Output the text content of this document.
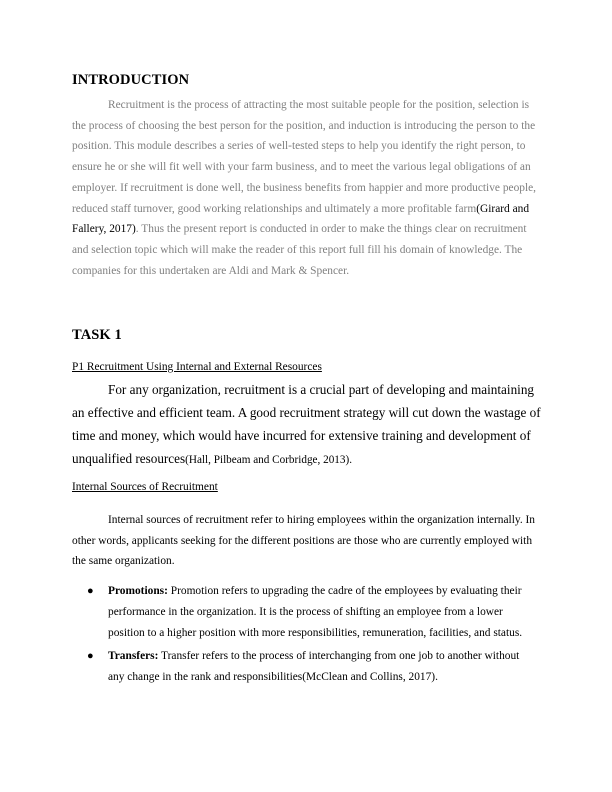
INTRODUCTION

Recruitment is the process of attracting the most suitable people for the position, selection is the process of choosing the best person for the position, and induction is introducing the person to the position. This module describes a series of well-tested steps to help you identify the right person, to ensure he or she will fit well with your farm business, and to meet the various legal obligations of an employer. If recruitment is done well, the business benefits from happier and more productive people, reduced staff turnover, good working relationships and ultimately a more profitable farm(Girard and Fallery, 2017). Thus the present report is conducted in order to make the things clear on recruitment and selection topic which will make the reader of this report full fill his domain of knowledge. The companies for this undertaken are Aldi and Mark & Spencer.

TASK 1

P1 Recruitment Using Internal and External Resources

For any organization, recruitment is a crucial part of developing and maintaining an effective and efficient team. A good recruitment strategy will cut down the wastage of time and money, which would have incurred for extensive training and development of unqualified resources(Hall, Pilbeam and Corbridge, 2013).

Internal Sources of Recruitment

Internal sources of recruitment refer to hiring employees within the organization internally. In other words, applicants seeking for the different positions are those who are currently employed with the same organization.

● Promotions: Promotion refers to upgrading the cadre of the employees by evaluating their performance in the organization. It is the process of shifting an employee from a lower position to a higher position with more responsibilities, remuneration, facilities, and status.
● Transfers: Transfer refers to the process of interchanging from one job to another without any change in the rank and responsibilities(McClean and Collins, 2017).
